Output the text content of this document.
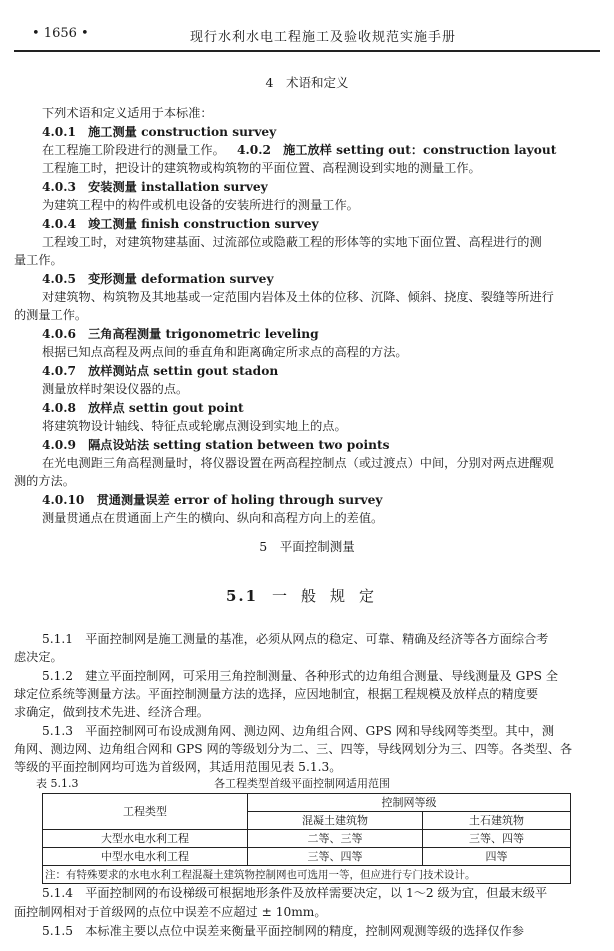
• 1656 •	现行水利水电工程施工及验收规范实施手册
4　术语和定义
下列术语和定义适用于本标准：
4.0.1　施工测量 construction survey
在工程施工阶段进行的测量工作。 4.0.2　施工放样 setting out：construction layout
工程施工时，把设计的建筑物或构筑物的平面位置、高程测设到实地的测量工作。
4.0.3　安装测量 installation survey
为建筑工程中的构件或机电设备的安装所进行的测量工作。
4.0.4　竣工测量 finish construction survey
工程竣工时，对建筑物建基面、过流部位或隐蔽工程的形体等的实地下面位置、高程进行的测
量工作。
4.0.5　变形测量 deformation survey
对建筑物、构筑物及其地基或一定范围内岩体及土体的位移、沉降、倾斜、挠度、裂缝等所进行
的测量工作。
4.0.6　三角高程测量 trigonometric leveling
根据已知点高程及两点间的垂直角和距离确定所求点的高程的方法。
4.0.7　放样测站点 settin gout stadon
测量放样时架设仪器的点。
4.0.8　放样点 settin gout point
将建筑物设计轴线、特征点或轮廓点测设到实地上的点。
4.0.9　隔点设站法 setting station between two points
在光电测距三角高程测量时，将仪器设置在两高程控制点（或过渡点）中间，分别对两点进醒观
测的方法。
4.0.10　贯通测量误差 error of holing through survey
测量贯通点在贯通面上产生的横向、纵向和高程方向上的差值。
5　平面控制测量
5.1 一般规定
5.1.1　平面控制网是施工测量的基准，必须从网点的稳定、可靠、精确及经济等各方面综合考
虑决定。
5.1.2　建立平面控制网，可采用三角控制测量、各种形式的边角组合测量、导线测量及 GPS 全
球定位系统等测量方法。平面控制测量方法的选择，应因地制宜，根据工程规模及放样点的精度要
求确定，做到技术先进、经济合理。
5.1.3　平面控制网可布设成测角网、测边网、边角组合网、GPS 网和导线网等类型。其中，测
角网、测边网、边角组合网和 GPS 网的等级划分为二、三、四等，导线网划分为三、四等。各类型、各
等级的平面控制网均可选为首级网，其适用范围见表 5.1.3。
表 5.1.3	各工程类型首级平面控制网适用范围
工程类型	控制网等级	
	混凝土建筑物	土石建筑物
大型水电水利工程	二等、三等	三等、四等
中型水电水利工程	三等、四等	四等
注：有特殊要求的水电水利工程混凝土建筑物控制网也可选用一等，但应进行专门技术设计。		
5.1.4　平面控制网的布设梯级可根据地形条件及放样需要决定，以 1～2 级为宜，但最末级平
面控制网相对于首级网的点位中误差不应超过 ± 10mm。
5.1.5　本标准主要以点位中误差来衡量平面控制网的精度，控制网观测等级的选择仅作参
